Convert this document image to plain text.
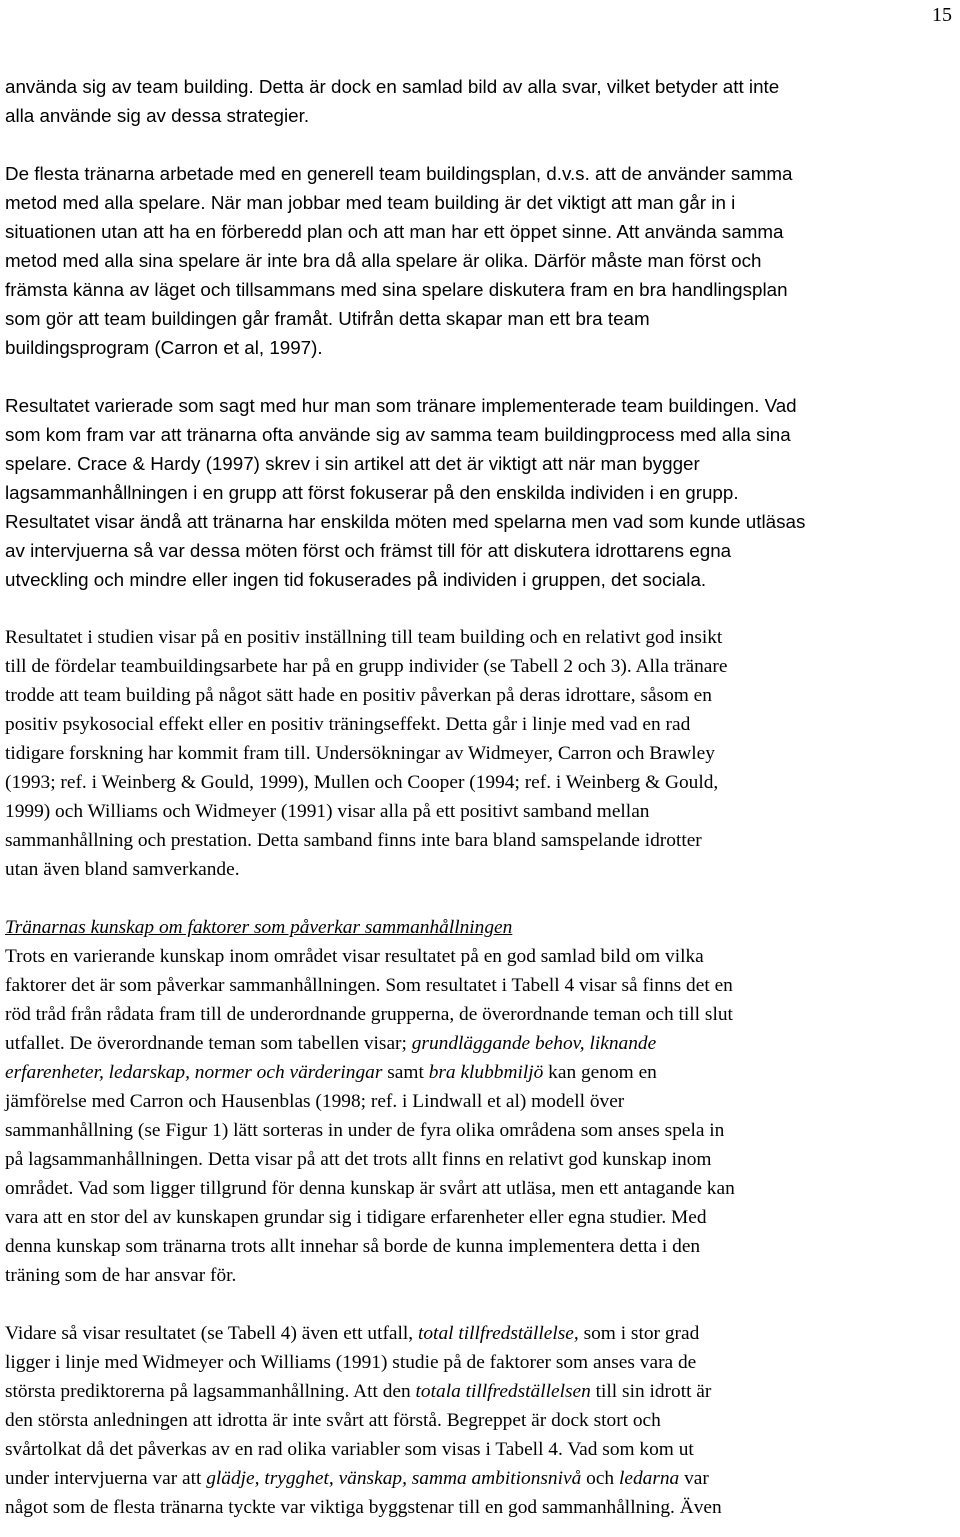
15
använda sig av team building. Detta är dock en samlad bild av alla svar, vilket betyder att inte
alla använde sig av dessa strategier.
De flesta tränarna arbetade med en generell team buildingsplan, d.v.s. att de använder samma
metod med alla spelare. När man jobbar med team building är det viktigt att man går in i
situationen utan att ha en förberedd plan och att man har ett öppet sinne. Att använda samma
metod med alla sina spelare är inte bra då alla spelare är olika. Därför måste man först och
främsta känna av läget och tillsammans med sina spelare diskutera fram en bra handlingsplan
som gör att team buildingen går framåt. Utifrån detta skapar man ett bra team
buildingsprogram (Carron et al, 1997).
Resultatet varierade som sagt med hur man som tränare implementerade team buildingen. Vad
som kom fram var att tränarna ofta använde sig av samma team buildingprocess med alla sina
spelare. Crace & Hardy (1997) skrev i sin artikel att det är viktigt att när man bygger
lagsammanhållningen i en grupp att först fokuserar på den enskilda individen i en grupp.
Resultatet visar ändå att tränarna har enskilda möten med spelarna men vad som kunde utläsas
av intervjuerna så var dessa möten först och främst till för att diskutera idrottarens egna
utveckling och mindre eller ingen tid fokuserades på individen i gruppen, det sociala.
Resultatet i studien visar på en positiv inställning till team building och en relativt god insikt
till de fördelar teambuildingsarbete har på en grupp individer (se Tabell 2 och 3). Alla tränare
trodde att team building på något sätt hade en positiv påverkan på deras idrottare, såsom en
positiv psykosocial effekt eller en positiv träningseffekt. Detta går i linje med vad en rad
tidigare forskning har kommit fram till. Undersökningar av Widmeyer, Carron och Brawley
(1993; ref. i Weinberg & Gould, 1999), Mullen och Cooper (1994; ref. i Weinberg & Gould,
1999) och Williams och Widmeyer (1991) visar alla på ett positivt samband mellan
sammanhållning och prestation. Detta samband finns inte bara bland samspelande idrotter
utan även bland samverkande.
Tränarnas kunskap om faktorer som påverkar sammanhållningen
Trots en varierande kunskap inom området visar resultatet på en god samlad bild om vilka
faktorer det är som påverkar sammanhållningen. Som resultatet i Tabell 4 visar så finns det en
röd tråd från rådata fram till de underordnande grupperna, de överordnande teman och till slut
utfallet. De överordnande teman som tabellen visar; grundläggande behov, liknande
erfarenheter, ledarskap, normer och värderingar samt bra klubbmiljö kan genom en
jämförelse med Carron och Hausenblas (1998; ref. i Lindwall et al) modell över
sammanhållning (se Figur 1) lätt sorteras in under de fyra olika områdena som anses spela in
på lagsammanhållningen. Detta visar på att det trots allt finns en relativt god kunskap inom
området. Vad som ligger tillgrund för denna kunskap är svårt att utläsa, men ett antagande kan
vara att en stor del av kunskapen grundar sig i tidigare erfarenheter eller egna studier. Med
denna kunskap som tränarna trots allt innehar så borde de kunna implementera detta i den
träning som de har ansvar för.
Vidare så visar resultatet (se Tabell 4) även ett utfall, total tillfredställelse, som i stor grad
ligger i linje med Widmeyer och Williams (1991) studie på de faktorer som anses vara de
största prediktorerna på lagsammanhållning. Att den totala tillfredställelsen till sin idrott är
den största anledningen att idrotta är inte svårt att förstå. Begreppet är dock stort och
svårtolkat då det påverkas av en rad olika variabler som visas i Tabell 4. Vad som kom ut
under intervjuerna var att glädje, trygghet, vänskap, samma ambitionsnivå och ledarna var
något som de flesta tränarna tyckte var viktiga byggstenar till en god sammanhållning. Även
